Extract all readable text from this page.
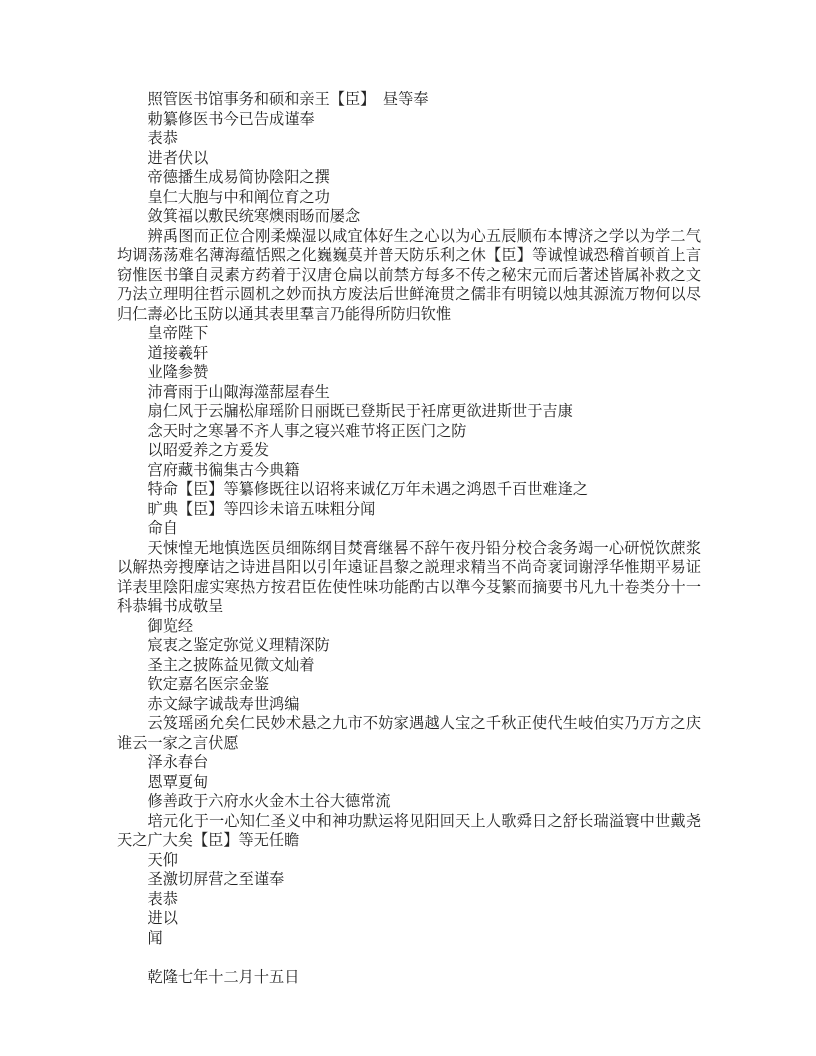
照管医书馆事务和硕和亲王【臣】　昼等奉

勅纂修医书今已告成谨奉

表恭

进者伏以

帝德播生成易简协陰阳之撰

皇仁大胞与中和阐位育之功

敛箕福以敷民统寒燠雨旸而屡念

辨禹图而正位合刚柔燥湿以咸宜体好生之心以为心五辰顺布本博济之学以为学二气均调荡荡难名薄海蕴恬熙之化巍巍莫并普天防乐利之休【臣】等诚惶诚恐稽首顿首上言窃惟医书肇自灵素方药着于汉唐仓扁以前禁方每多不传之秘宋元而后著述皆属补救之文乃法立理明往哲示圆机之妙而执方废法后世鲜淹贯之儒非有明镜以烛其源流万物何以尽归仁壽必比玉防以通其表里羣言乃能得所防归钦惟

皇帝陛下

道接羲轩

业隆参赞

沛膏雨于山陬海澨蔀屋春生

扇仁风于云牖松扉瑶阶日丽既已登斯民于衽席更欲进斯世于吉康

念天时之寒暑不齐人事之寝兴难节将正医门之防

以昭爱养之方爰发

宫府藏书徧集古今典籍

特命【臣】等纂修既往以诏将来诚亿万年未遇之鸿恩千百世难逢之

旷典【臣】等四诊未谙五味粗分闻

命自

天悚惶无地慎选医员细陈纲目焚膏继晷不辞午夜丹铅分校合衾务竭一心研悦饮蔗浆以解热旁搜摩诘之诗进昌阳以引年遠证昌黎之説理求精当不尚奇衺词谢浮华惟期平易证详表里陰阳虚实寒热方按君臣佐使性味功能酌古以準今芟繁而摘要书凡九十卷类分十一科恭辑书成敬呈

御览经

宸衷之鉴定弥觉义理精深防

圣主之披陈益见微文灿着

钦定嘉名医宗金鉴

赤文緑字诚哉寿世鸿编

云笈瑶函允矣仁民妙术悬之九市不妨家遇越人宝之千秋正使代生岐伯实乃万方之庆谁云一家之言伏愿

泽永春台

恩覃夏甸

修善政于六府水火金木土谷大德常流

培元化于一心知仁圣义中和神功默运将见阳回天上人歌舜日之舒长瑞溢寰中世戴尧天之广大矣【臣】等无任瞻

天仰

圣激切屏营之至谨奉

表恭

进以

闻

乾隆七年十二月十五日
